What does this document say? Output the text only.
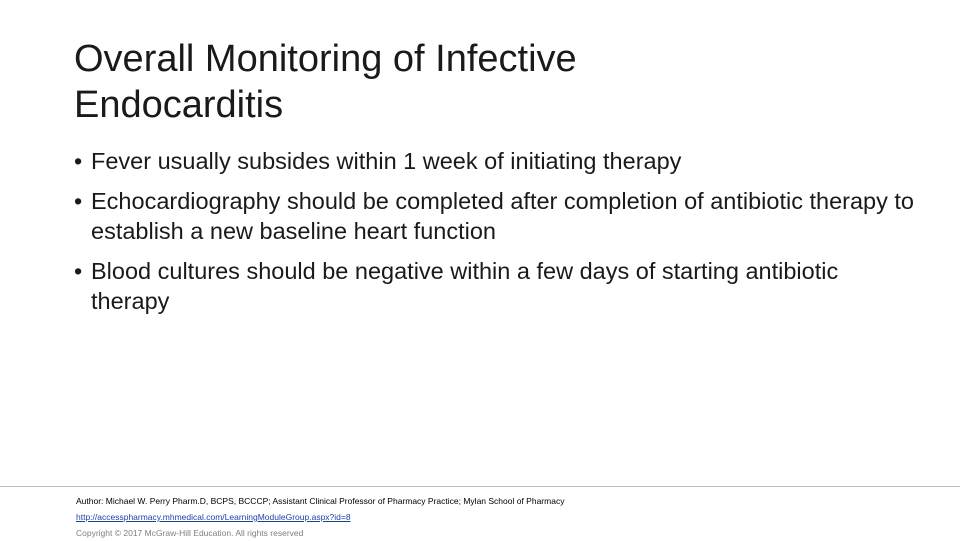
Overall Monitoring of Infective
Endocarditis
• Fever usually subsides within 1 week of initiating therapy
• Echocardiography should be completed after completion of antibiotic therapy to establish a new baseline heart function
• Blood cultures should be negative within a few days of starting antibiotic therapy
Author: Michael W. Perry Pharm.D, BCPS, BCCCP; Assistant Clinical Professor of Pharmacy Practice; Mylan School of Pharmacy
http://accesspharmacy.mhmedical.com/LearningModuleGroup.aspx?id=8
Copyright © 2017 McGraw-Hill Education. All rights reserved
